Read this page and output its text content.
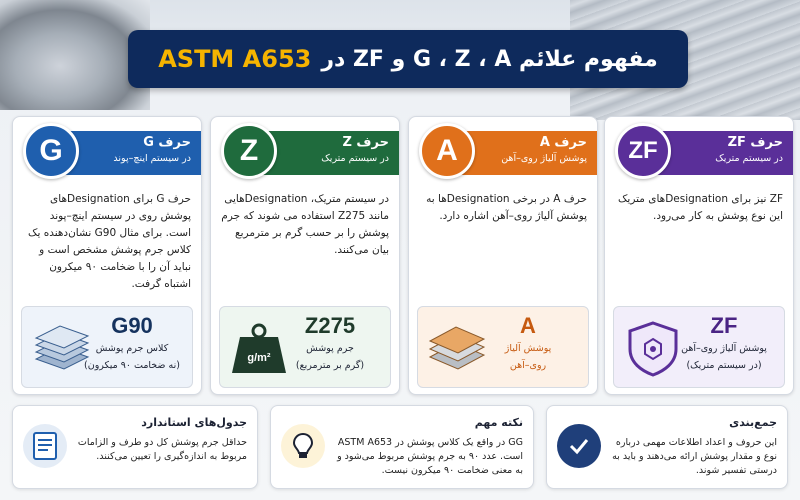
مفهوم علائم G ، Z ، A و ZF در
ASTM A653
حرف G
در سیستم اینچ–پوند
G
حرف G برای Designationهای پوشش روی در سیستم اینچ–پوند است. برای مثال G90 نشان‌دهنده یک کلاس جرم پوشش مشخص است و نباید آن را با ضخامت ۹۰ میکرون اشتباه گرفت.
G90
کلاس جرم پوشش
(نه ضخامت ۹۰ میکرون)
حرف Z
در سیستم متریک
Z
در سیستم متریک، Designationهایی مانند Z275 استفاده می شوند که جرم پوشش را بر حسب گرم بر مترمربع بیان می‌کنند.
g/m²
Z275
جرم پوشش
(گرم بر مترمربع)
حرف A
پوشش آلیاژ روی–آهن
A
حرف A در برخی Designationها به پوشش آلیاژ روی–آهن اشاره دارد.
A
پوشش آلیاژ
روی–آهن
حرف ZF
در سیستم متریک
ZF
ZF نیز برای Designationهای متریک این نوع پوشش به کار می‌رود.
ZF
پوشش آلیاژ روی–آهن
(در سیستم متریک)
جدول‌های استاندارد
حداقل جرم پوشش کل دو طرف و الزامات مربوط به اندازه‌گیری را تعیین می‌کنند.
نکته مهم
GG در واقع یک کلاس پوشش در ASTM A653 است. عدد ۹۰ به جرم پوشش مربوط می‌شود و به معنی ضخامت ۹۰ میکرون نیست.
جمع‌بندی
این حروف و اعداد اطلاعات مهمی درباره نوع و مقدار پوشش ارائه می‌دهند و باید به درستی تفسیر شوند.
